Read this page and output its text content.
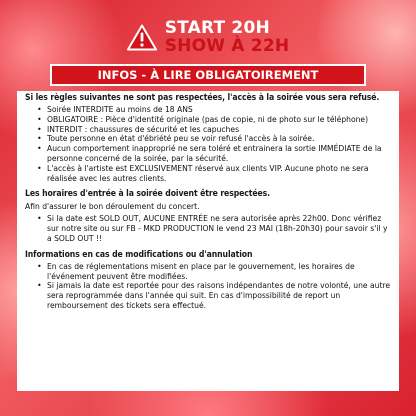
START 20H
SHOW À 22H
INFOS - À LIRE OBLIGATOIREMENT
Si les règles suivantes ne sont pas respectées, l'accès à la soirée vous sera refusé.
• Soirée INTERDITE au moins de 18 ANS
• OBLIGATOIRE : Pièce d'identité originale (pas de copie, ni de photo sur le téléphone)
• INTERDIT : chaussures de sécurité et les capuches
• Toute personne en état d'ébriété peu se voir refusé l'accès à la soirée.
• Aucun comportement inapproprié ne sera toléré et entrainera la sortie IMMÉDIATE de la personne concerné de la soirée, par la sécurité.
• L'accès à l'artiste est EXCLUSIVEMENT réservé aux clients VIP. Aucune photo ne sera réalisée avec les autres clients.
Les horaires d'entrée à la soirée doivent être respectées.
Afin d'assurer le bon déroulement du concert.
• Si la date est SOLD OUT, AUCUNE ENTRÉE ne sera autorisée après 22h00. Donc vérifiez sur notre site ou sur FB - MKD PRODUCTION le vend 23 MAI (18h-20h30) pour savoir s'il y a SOLD OUT !!
Informations en cas de modifications ou d'annulation
• En cas de réglementations misent en place par le gouvernement, les horaires de l'événement peuvent être modifiées.
• Si jamais la date est reportée pour des raisons indépendantes de notre volonté, une autre sera reprogrammée dans l'année qui suit. En cas d'impossibilité de report un remboursement des tickets sera effectué.
Si ces règles ne vous conviennent pas, vous avez 24h pour demander le remboursement de votre ticket, en envoyant un message sur la page Facebook MKD PRODUCTION
